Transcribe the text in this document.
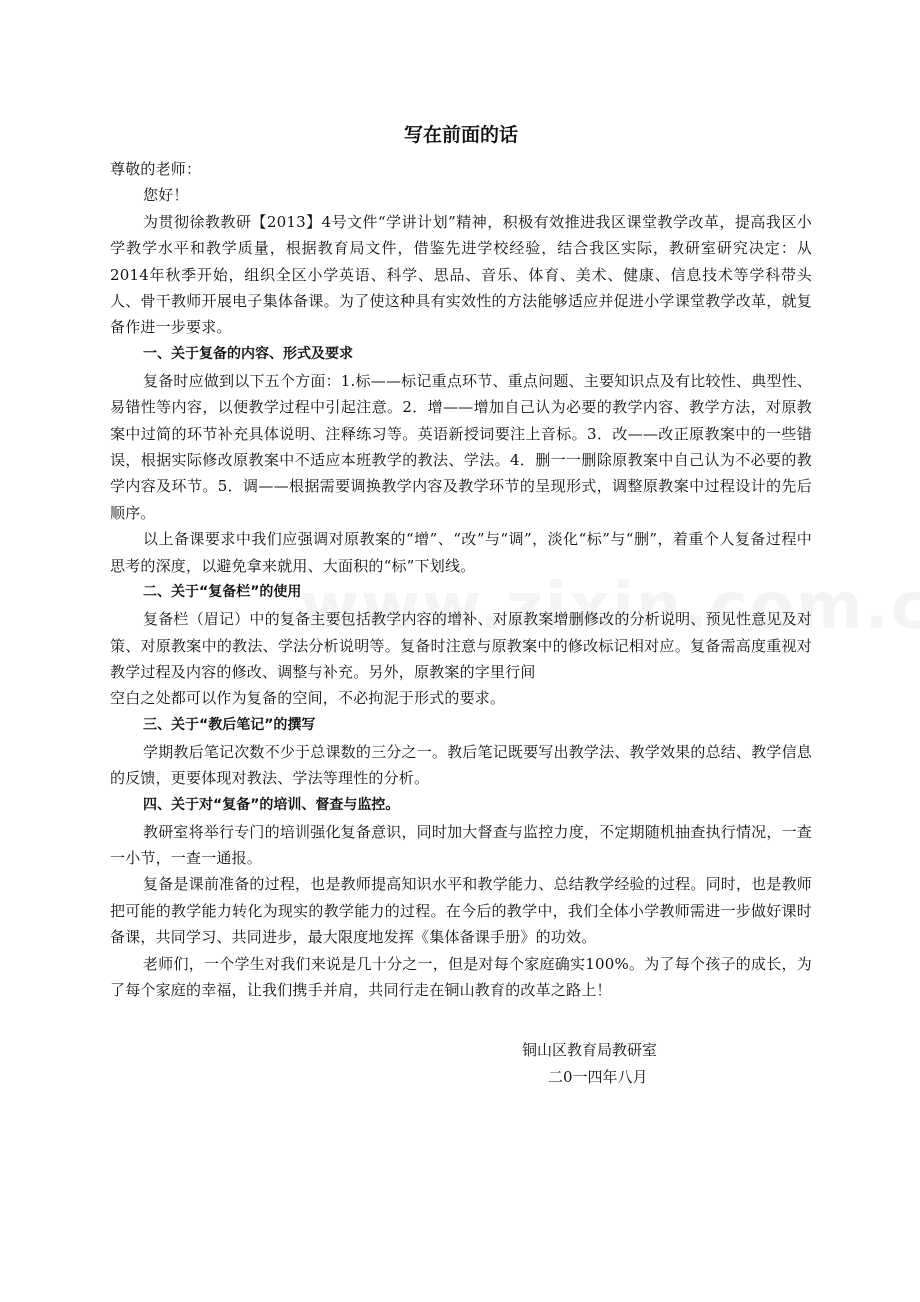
写在前面的话

尊敬的老师：

您好！

为贯彻徐教教研【2013】4号文件“学讲计划”精神，积极有效推进我区课堂教学改革，提高我区小学教学水平和教学质量，根据教育局文件，借鉴先进学校经验，结合我区实际，教研室研究决定：从2014年秋季开始，组织全区小学英语、科学、思品、音乐、体育、美术、健康、信息技术等学科带头人、骨干教师开展电子集体备课。为了使这种具有实效性的方法能够适应并促进小学课堂教学改革，就复备作进一步要求。

一、关于复备的内容、形式及要求

复备时应做到以下五个方面：1.标——标记重点环节、重点问题、主要知识点及有比较性、典型性、易错性等内容，以便教学过程中引起注意。2．增——增加自己认为必要的教学内容、教学方法，对原教案中过简的环节补充具体说明、注释练习等。英语新授词要注上音标。3．改——改正原教案中的一些错误，根据实际修改原教案中不适应本班教学的教法、学法。4．删一一删除原教案中自己认为不必要的教学内容及环节。5．调——根据需要调换教学内容及教学环节的呈现形式，调整原教案中过程设计的先后顺序。

以上备课要求中我们应强调对原教案的“增”、“改”与“调”，淡化“标”与“删”，着重个人复备过程中思考的深度，以避免拿来就用、大面积的“标”下划线。

二、关于“复备栏”的使用

复备栏（眉记）中的复备主要包括教学内容的增补、对原教案增删修改的分析说明、预见性意见及对策、对原教案中的教法、学法分析说明等。复备时注意与原教案中的修改标记相对应。复备需高度重视对教学过程及内容的修改、调整与补充。另外，原教案的字里行间

空白之处都可以作为复备的空间，不必拘泥于形式的要求。

三、关于“教后笔记”的撰写

学期教后笔记次数不少于总课数的三分之一。教后笔记既要写出教学法、教学效果的总结、教学信息的反馈，更要体现对教法、学法等理性的分析。

四、关于对“复备”的培训、督查与监控。

教研室将举行专门的培训强化复备意识，同时加大督查与监控力度，不定期随机抽查执行情况，一查一小节，一查一通报。

复备是课前准备的过程，也是教师提高知识水平和教学能力、总结教学经验的过程。同时，也是教师把可能的教学能力转化为现实的教学能力的过程。在今后的教学中，我们全体小学教师需进一步做好课时备课，共同学习、共同进步，最大限度地发挥《集体备课手册》的功效。

老师们，一个学生对我们来说是几十分之一，但是对每个家庭确实100%。为了每个孩子的成长，为了每个家庭的幸福，让我们携手并肩，共同行走在铜山教育的改革之路上！

铜山区教育局教研室
二0一四年八月
